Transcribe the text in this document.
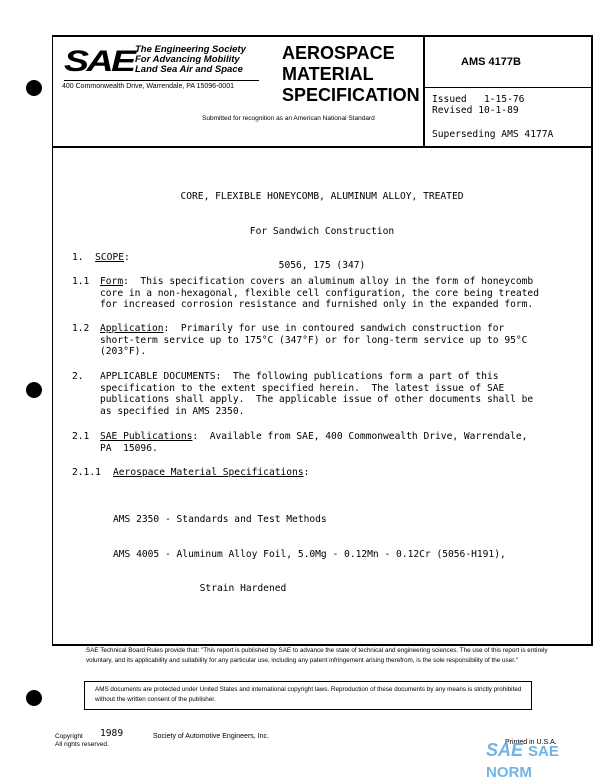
SAE The Engineering Society
For Advancing Mobility
Land Sea Air and Space
400 Commonwealth Drive, Warrendale, PA 15096-0001
AEROSPACE
MATERIAL
SPECIFICATION
Submitted for recognition as an American National Standard
AMS 4177B
Issued   1-15-76
Revised 10-1-89
Superseding AMS 4177A

CORE, FLEXIBLE HONEYCOMB, ALUMINUM ALLOY, TREATED

For Sandwich Construction

5056, 175 (347)

1. SCOPE:
1.1 Form:  This specification covers an aluminum alloy in the form of honeycomb
core in a non-hexagonal, flexible cell configuration, the core being treated
for increased corrosion resistance and furnished only in the expanded form.
1.2 Application:  Primarily for use in contoured sandwich construction for
short-term service up to 175°C (347°F) or for long-term service up to 95°C
(203°F).
2. APPLICABLE DOCUMENTS:  The following publications form a part of this
specification to the extent specified herein.  The latest issue of SAE
publications shall apply.  The applicable issue of other documents shall be
as specified in AMS 2350.
2.1 SAE Publications:  Available from SAE, 400 Commonwealth Drive, Warrendale,
PA  15096.
2.1.1 Aerospace Material Specifications:

AMS 2350 - Standards and Test Methods

AMS 4005 - Aluminum Alloy Foil, 5.0Mg - 0.12Mn - 0.12Cr (5056-H191),

Strain Hardened

SAE Technical Board Rules provide that: "This report is published by SAE to advance the state of technical and engineering sciences. The use of this report is entirely voluntary, and its applicability and suitability for any particular use, including any patent infringement arising therefrom, is the sole responsibility of the user."
AMS documents are protected under United States and international copyright laws. Reproduction of these documents by any means is strictly prohibited without the written consent of the publisher.
Copyright
All rights reserved.
1989	Society of Automotive Engineers, Inc.
Printed in U.S.A.
SAE SAE NORM
